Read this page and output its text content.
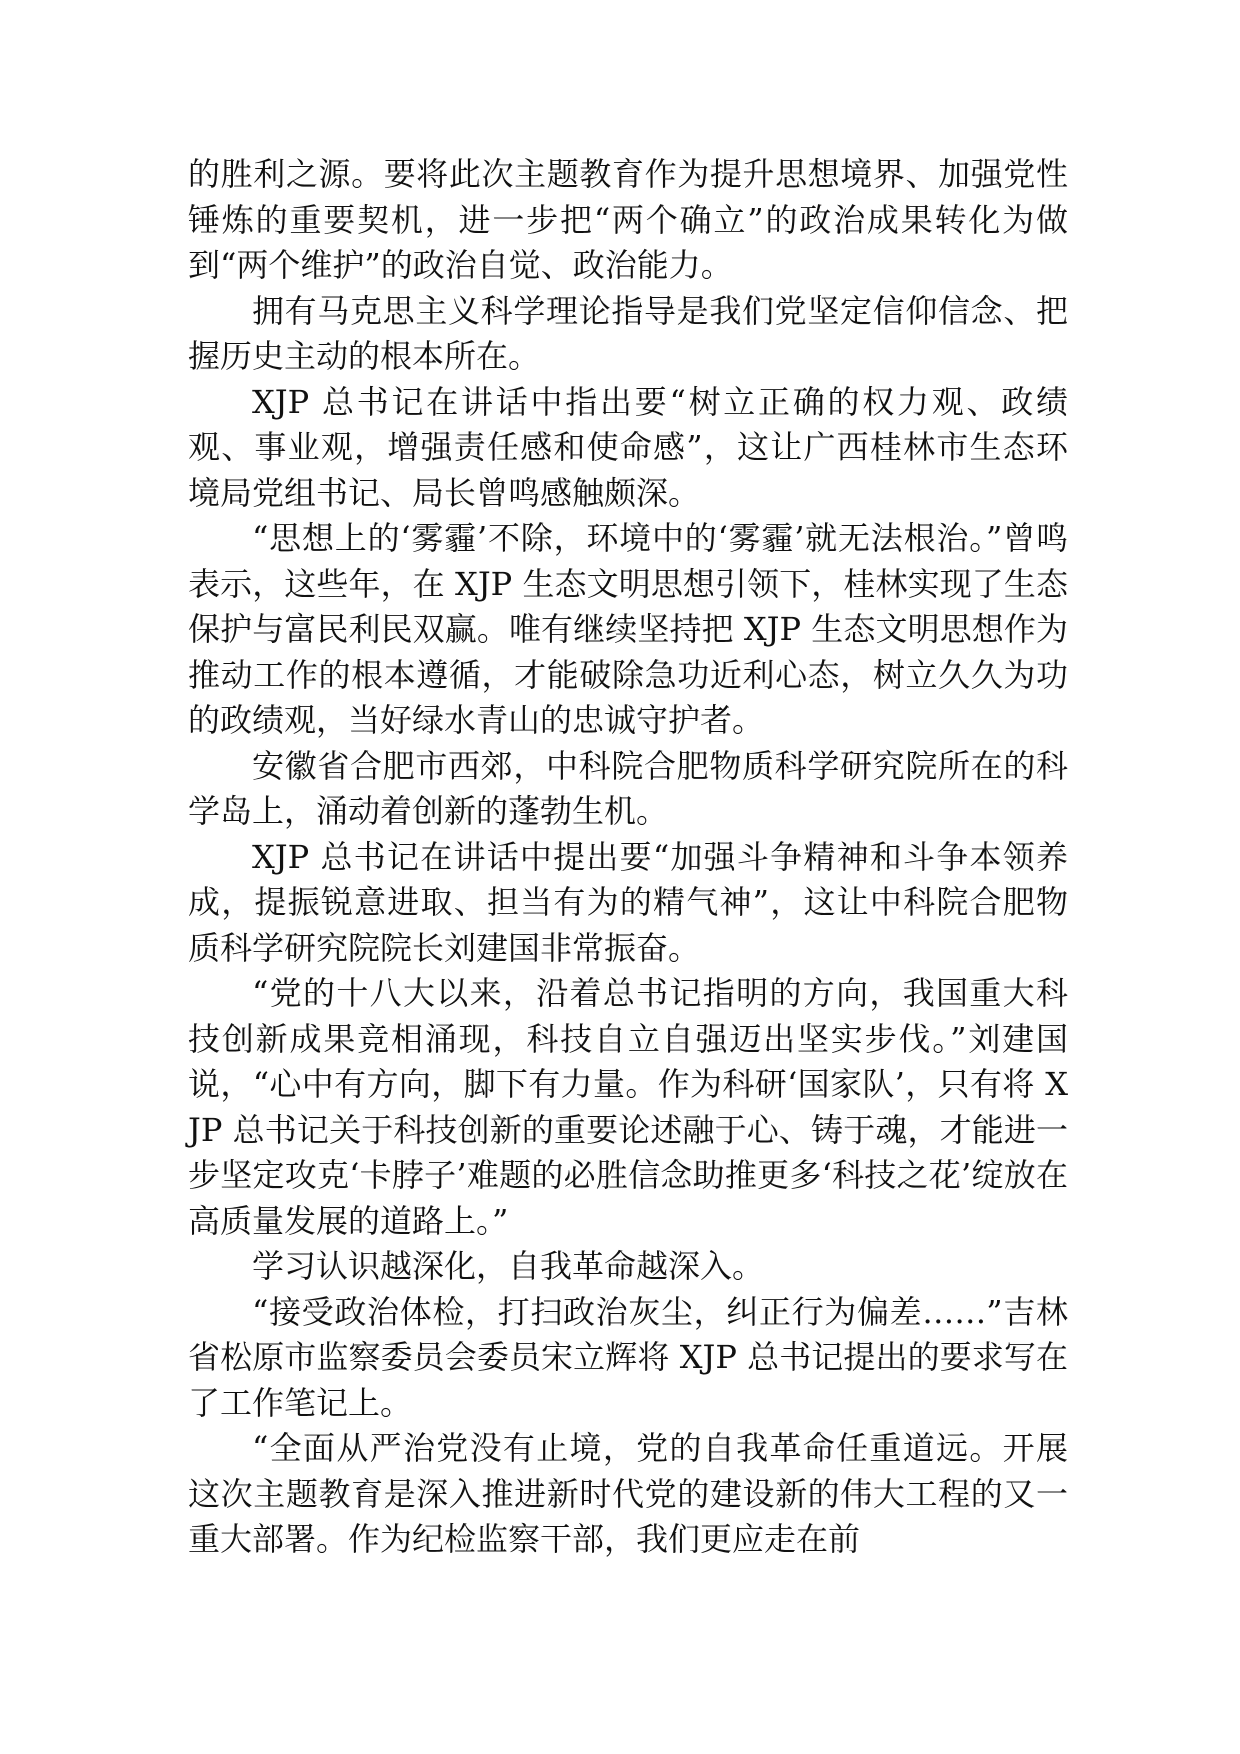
的胜利之源。要将此次主题教育作为提升思想境界、加强党性锤炼的重要契机，进一步把“两个确立”的政治成果转化为做到“两个维护”的政治自觉、政治能力。

拥有马克思主义科学理论指导是我们党坚定信仰信念、把握历史主动的根本所在。

XJP 总书记在讲话中指出要“树立正确的权力观、政绩观、事业观，增强责任感和使命感”，这让广西桂林市生态环境局党组书记、局长曾鸣感触颇深。

“思想上的‘雾霾’不除，环境中的‘雾霾’就无法根治。”曾鸣表示，这些年，在 XJP 生态文明思想引领下，桂林实现了生态保护与富民利民双赢。唯有继续坚持把 XJP 生态文明思想作为推动工作的根本遵循，才能破除急功近利心态，树立久久为功的政绩观，当好绿水青山的忠诚守护者。

安徽省合肥市西郊，中科院合肥物质科学研究院所在的科学岛上，涌动着创新的蓬勃生机。

XJP 总书记在讲话中提出要“加强斗争精神和斗争本领养成，提振锐意进取、担当有为的精气神”，这让中科院合肥物质科学研究院院长刘建国非常振奋。

“党的十八大以来，沿着总书记指明的方向，我国重大科技创新成果竞相涌现，科技自立自强迈出坚实步伐。”刘建国说，“心中有方向，脚下有力量。作为科研‘国家队’，只有将 XJP 总书记关于科技创新的重要论述融于心、铸于魂，才能进一步坚定攻克‘卡脖子’难题的必胜信念助推更多‘科技之花’绽放在高质量发展的道路上。”

学习认识越深化，自我革命越深入。

“接受政治体检，打扫政治灰尘，纠正行为偏差……”吉林省松原市监察委员会委员宋立辉将 XJP 总书记提出的要求写在了工作笔记上。

“全面从严治党没有止境，党的自我革命任重道远。开展这次主题教育是深入推进新时代党的建设新的伟大工程的又一重大部署。作为纪检监察干部，我们更应走在前
